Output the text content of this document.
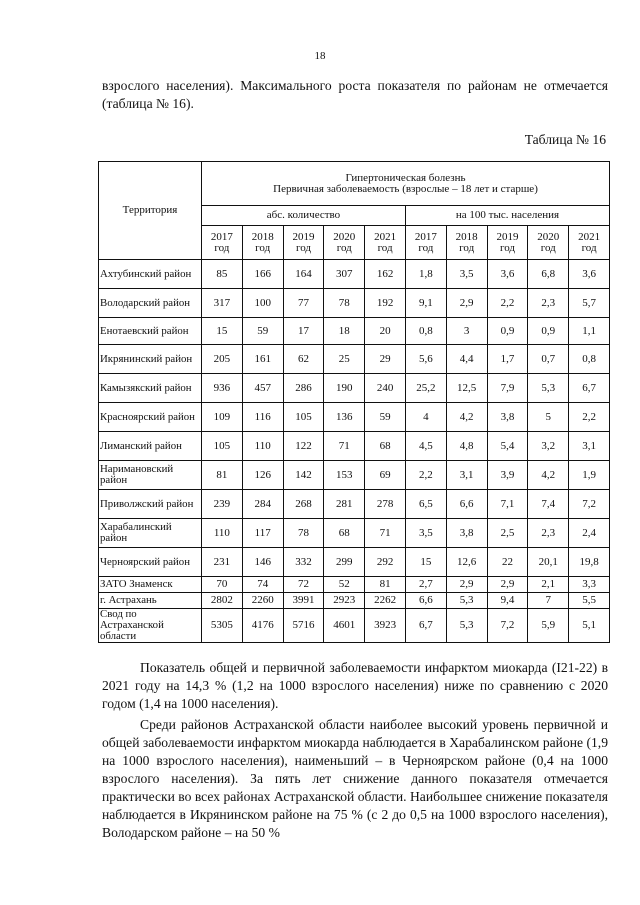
18
взрослого населения). Максимального роста показателя по районам не отмечается (таблица № 16).
Таблица № 16
Территория	Гипертоническая болезнь
Первичная заболеваемость (взрослые – 18 лет и старше)									

	абс. количество					на 100 тыс. населения				

	2017
год	2018
год	2019
год	2020
год	2021
год	2017
год	2018
год	2019
год	2020
год	2021
год

Ахтубинский район	85	166	164	307	162	1,8	3,5	3,6	6,8	3,6
Володарский район	317	100	77	78	192	9,1	2,9	2,2	2,3	5,7
Енотаевский район	15	59	17	18	20	0,8	3	0,9	0,9	1,1
Икрянинский район	205	161	62	25	29	5,6	4,4	1,7	0,7	0,8
Камызякский район	936	457	286	190	240	25,2	12,5	7,9	5,3	6,7
Красноярский район	109	116	105	136	59	4	4,2	3,8	5	2,2
Лиманский район	105	110	122	71	68	4,5	4,8	5,4	3,2	3,1
Наримановский район	81	126	142	153	69	2,2	3,1	3,9	4,2	1,9
Приволжский район	239	284	268	281	278	6,5	6,6	7,1	7,4	7,2
Харабалинский район	110	117	78	68	71	3,5	3,8	2,5	2,3	2,4
Черноярский район	231	146	332	299	292	15	12,6	22	20,1	19,8
ЗАТО Знаменск	70	74	72	52	81	2,7	2,9	2,9	2,1	3,3
г. Астрахань	2802	2260	3991	2923	2262	6,6	5,3	9,4	7	5,5
Свод по Астраханской области	5305	4176	5716	4601	3923	6,7	5,3	7,2	5,9	5,1
Показатель общей и первичной заболеваемости инфарктом миокарда (I21-22) в 2021 году на 14,3 % (1,2 на 1000 взрослого населения) ниже по сравнению с 2020 годом (1,4 на 1000 населения).
Среди районов Астраханской области наиболее высокий уровень первичной и общей заболеваемости инфарктом миокарда наблюдается в Харабалинском районе (1,9 на 1000 взрослого населения), наименьший – в Черноярском районе (0,4 на 1000 взрослого населения). За пять лет снижение данного показателя отмечается практически во всех районах Астраханской области. Наибольшее снижение показателя наблюдается в Икрянинском районе на 75 % (с 2 до 0,5 на 1000 взрослого населения), Володарском районе – на 50 %
